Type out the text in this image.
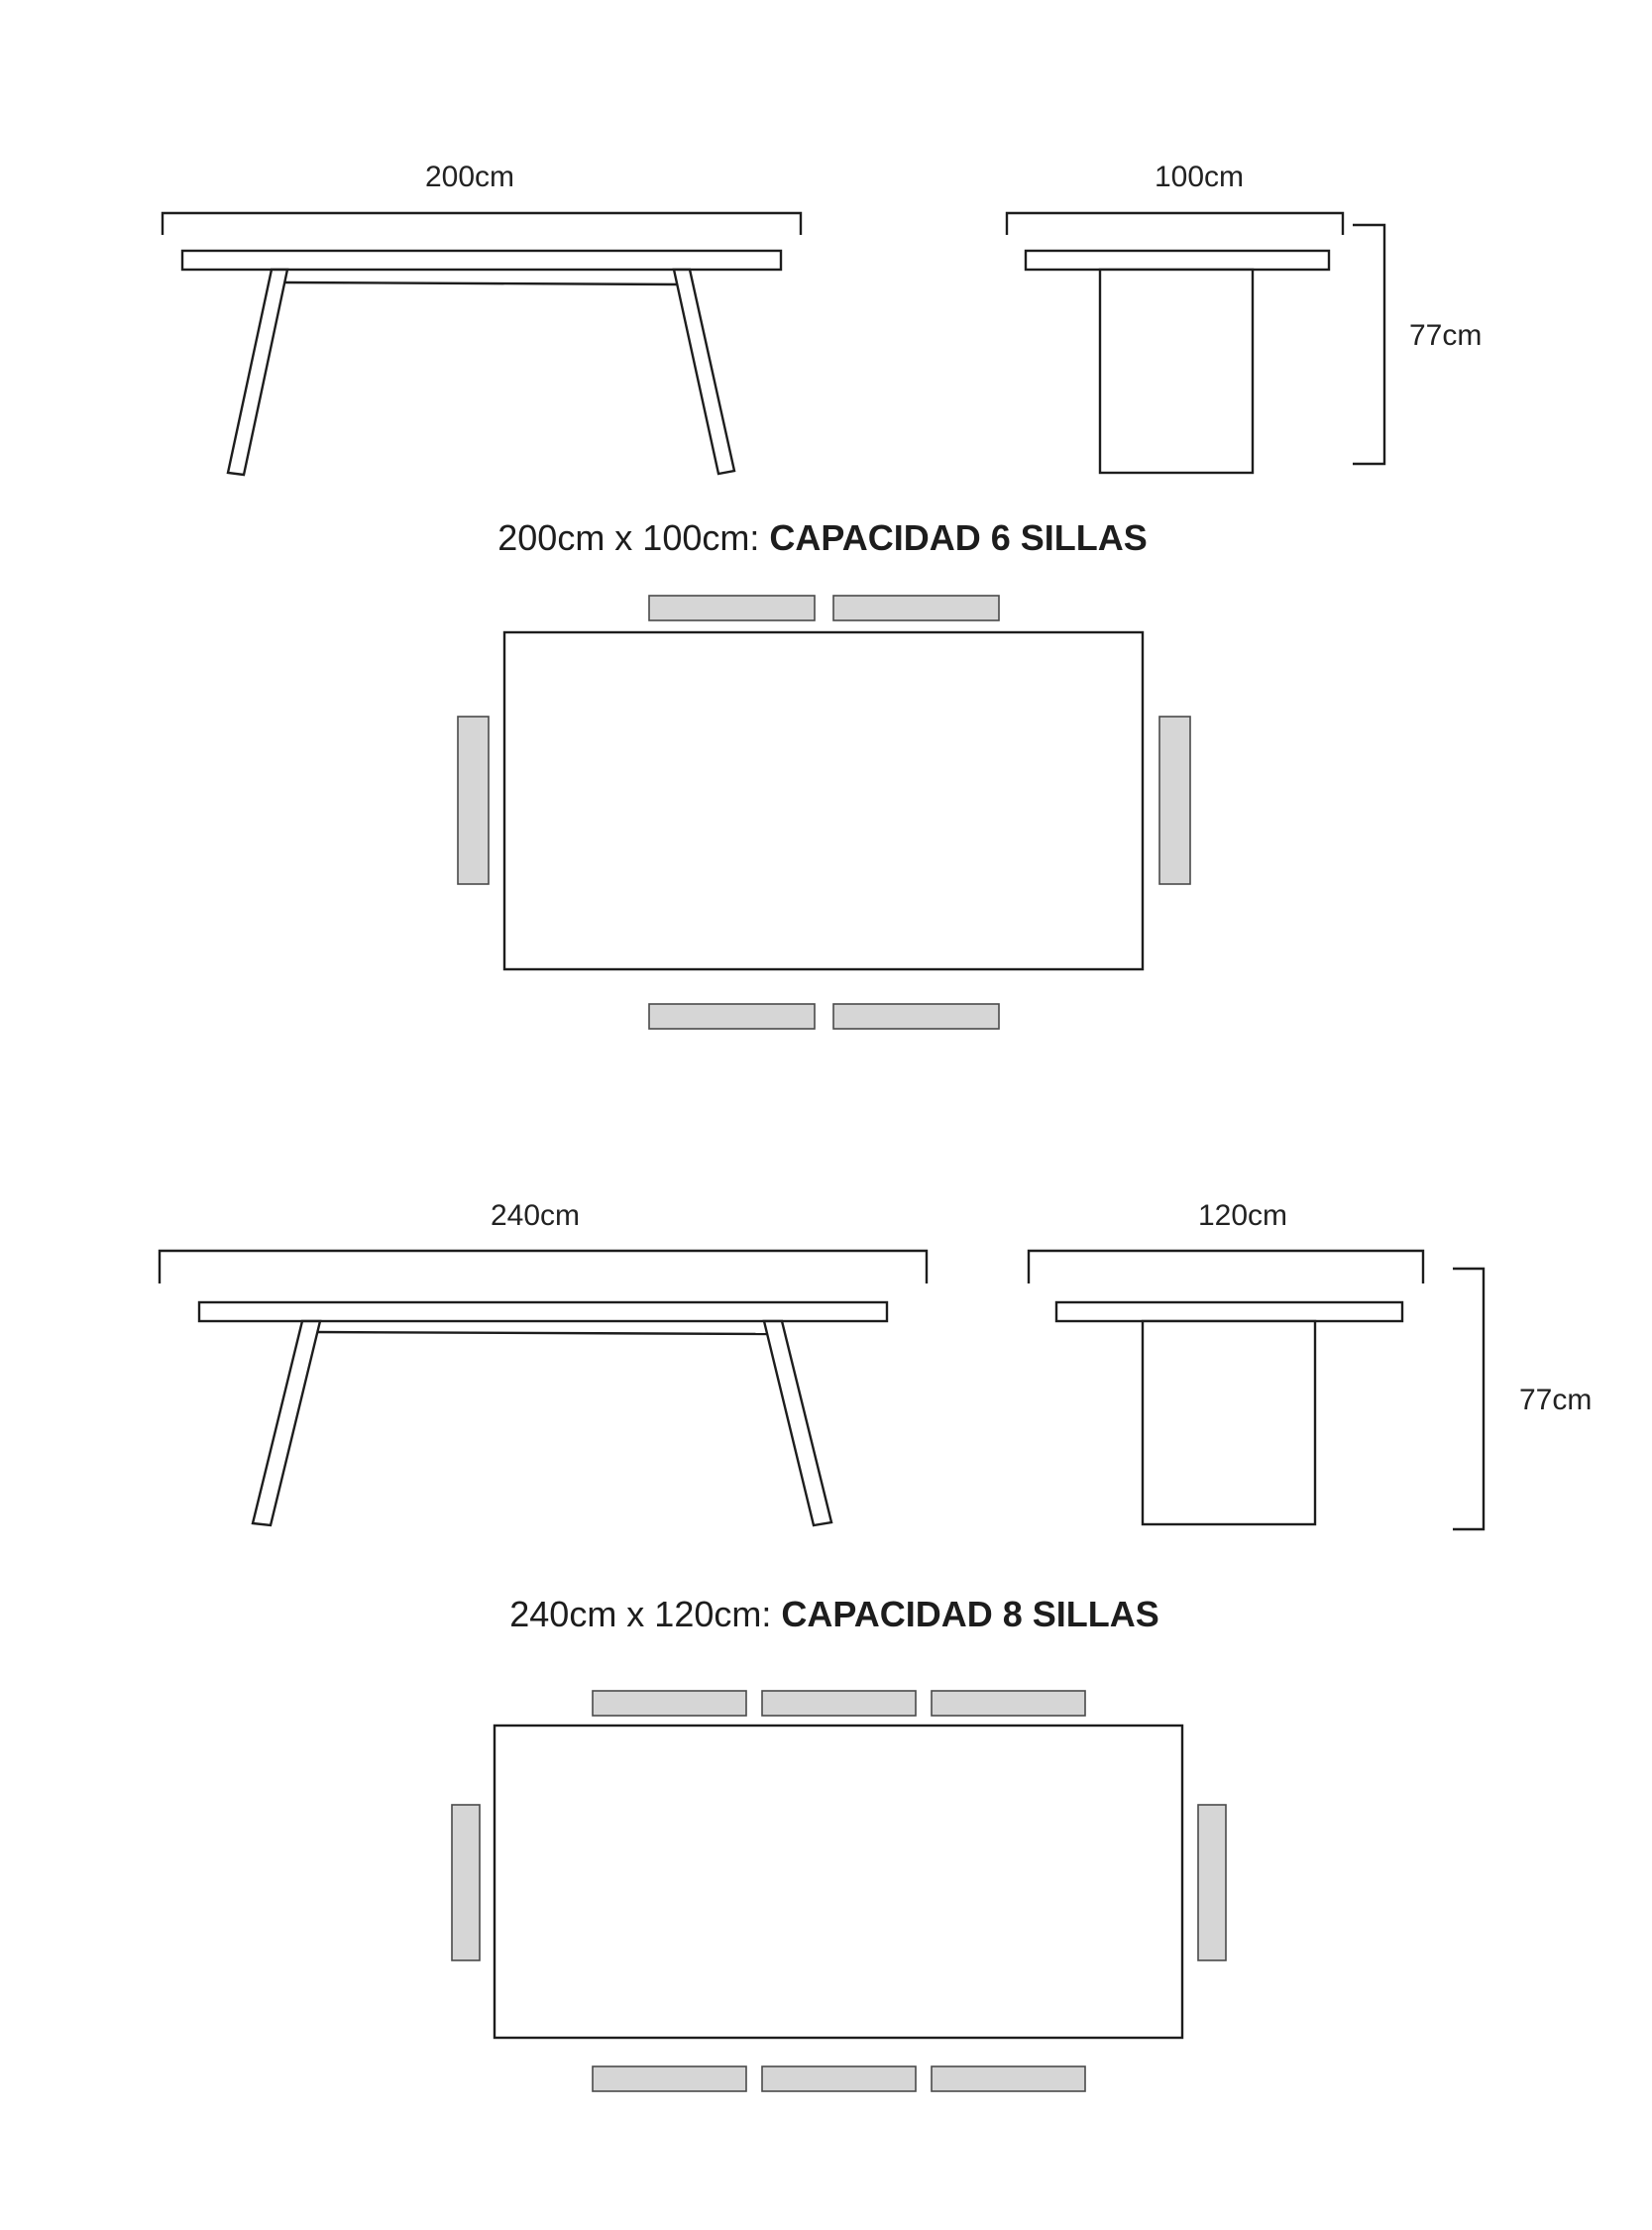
200cm	100cm
77cm
200cm x 100cm: CAPACIDAD 6 SILLAS
240cm	120cm
77cm
240cm x 120cm: CAPACIDAD 8 SILLAS
